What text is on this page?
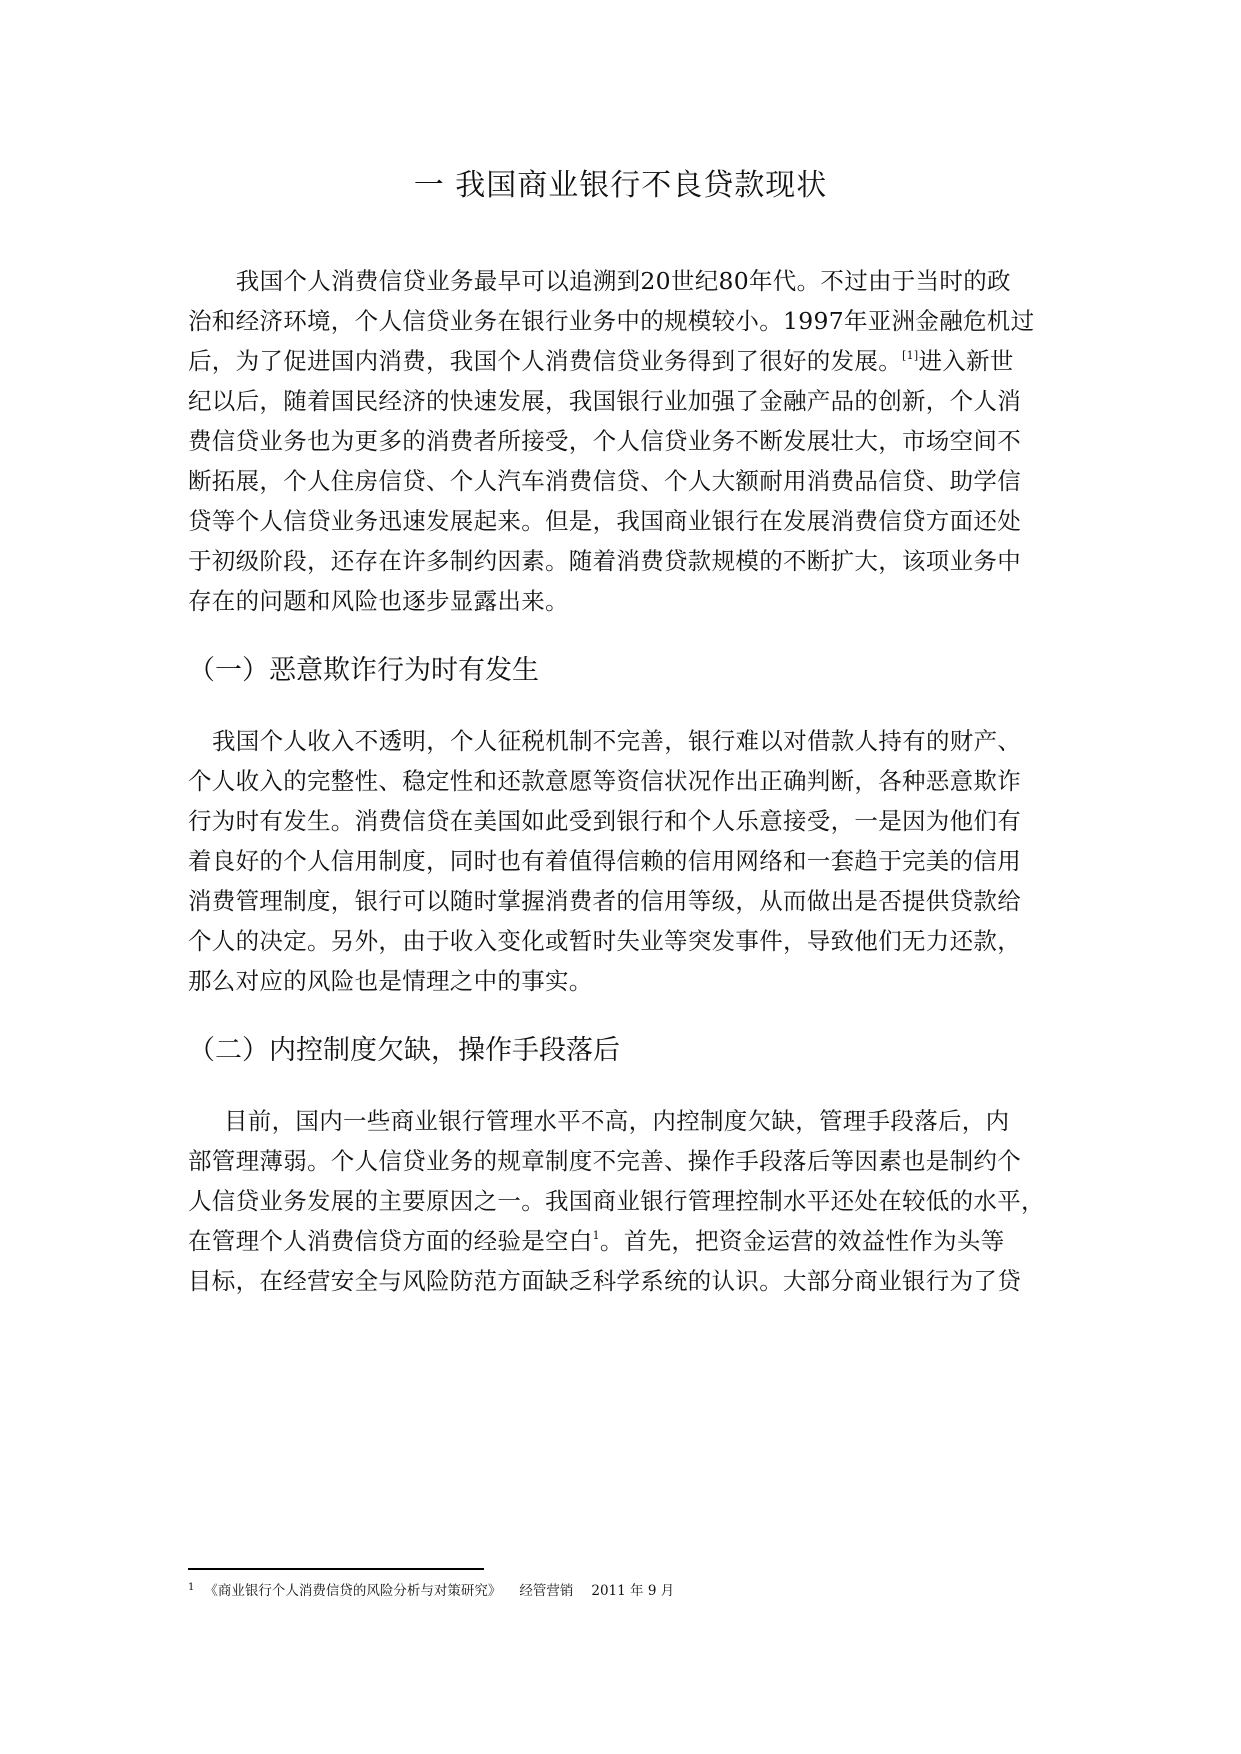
一 我国商业银行不良贷款现状
　我国个人消费信贷业务最早可以追溯到20世纪80年代。不过由于当时的政
治和经济环境，个人信贷业务在银行业务中的规模较小。1997年亚洲金融危机过
后，为了促进国内消费，我国个人消费信贷业务得到了很好的发展。[1]进入新世
纪以后，随着国民经济的快速发展，我国银行业加强了金融产品的创新，个人消
费信贷业务也为更多的消费者所接受，个人信贷业务不断发展壮大，市场空间不
断拓展，个人住房信贷、个人汽车消费信贷、个人大额耐用消费品信贷、助学信
贷等个人信贷业务迅速发展起来。但是，我国商业银行在发展消费信贷方面还处
于初级阶段，还存在许多制约因素。随着消费贷款规模的不断扩大，该项业务中
存在的问题和风险也逐步显露出来。
（一）恶意欺诈行为时有发生
我国个人收入不透明，个人征税机制不完善，银行难以对借款人持有的财产、
个人收入的完整性、稳定性和还款意愿等资信状况作出正确判断，各种恶意欺诈
行为时有发生。消费信贷在美国如此受到银行和个人乐意接受，一是因为他们有
着良好的个人信用制度，同时也有着值得信赖的信用网络和一套趋于完美的信用
消费管理制度，银行可以随时掌握消费者的信用等级，从而做出是否提供贷款给
个人的决定。另外，由于收入变化或暂时失业等突发事件，导致他们无力还款，
那么对应的风险也是情理之中的事实。
（二）内控制度欠缺，操作手段落后
目前，国内一些商业银行管理水平不高，内控制度欠缺，管理手段落后，内
部管理薄弱。个人信贷业务的规章制度不完善、操作手段落后等因素也是制约个
人信贷业务发展的主要原因之一。我国商业银行管理控制水平还处在较低的水平，
在管理个人消费信贷方面的经验是空白$^1$。首先，把资金运营的效益性作为头等
目标，在经营安全与风险防范方面缺乏科学系统的认识。大部分商业银行为了贷
$^1$ 《商业银行个人消费信贷的风险分析与对策研究》 经管营销 2011 年 9 月
